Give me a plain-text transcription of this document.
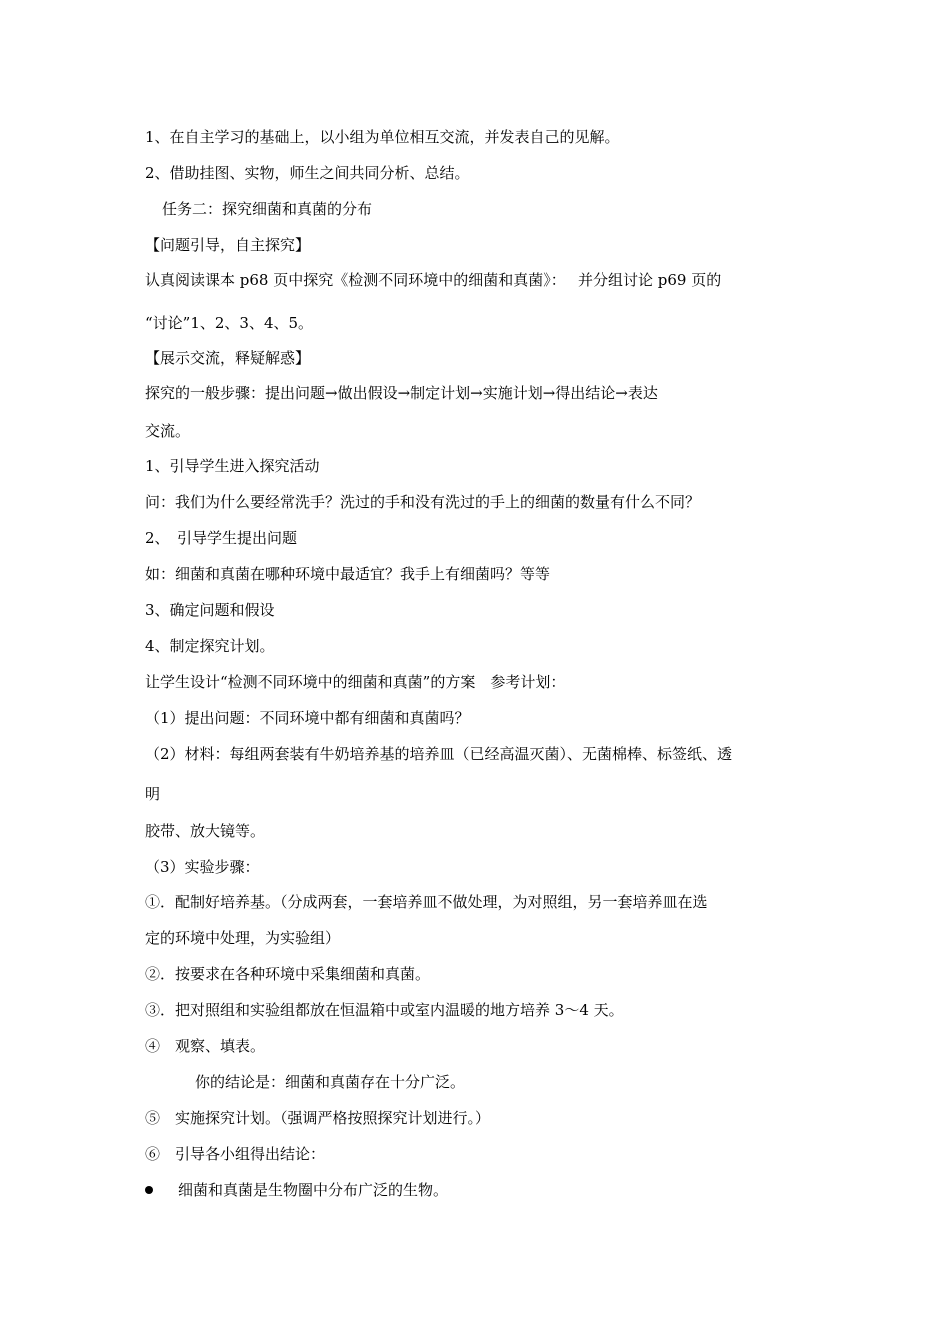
1、在自主学习的基础上，以小组为单位相互交流，并发表自己的见解。
2、借助挂图、实物，师生之间共同分析、总结。
任务二：探究细菌和真菌的分布
【问题引导，自主探究】
认真阅读课本 p68 页中探究《检测不同环境中的细菌和真菌》：　 并分组讨论 p69 页的
“讨论”1、2、3、4、5。
【展示交流，释疑解惑】
探究的一般步骤：提出问题→做出假设→制定计划→实施计划→得出结论→表达
交流。
1、引导学生进入探究活动
问：我们为什么要经常洗手？洗过的手和没有洗过的手上的细菌的数量有什么不同？
2、　引导学生提出问题
如：细菌和真菌在哪种环境中最适宜？我手上有细菌吗？等等
3、确定问题和假设
4、制定探究计划。
让学生设计“检测不同环境中的细菌和真菌”的方案　参考计划：
（1）提出问题：不同环境中都有细菌和真菌吗？
（2）材料：每组两套装有牛奶培养基的培养皿（已经高温灭菌）、无菌棉棒、标签纸、透
明
胶带、放大镜等。
（3）实验步骤：
①．配制好培养基。（分成两套，一套培养皿不做处理，为对照组，另一套培养皿在选
定的环境中处理，为实验组）
②．按要求在各种环境中采集细菌和真菌。
③．把对照组和实验组都放在恒温箱中或室内温暖的地方培养 3～4 天。
④　观察、填表。
你的结论是：细菌和真菌存在十分广泛。
⑤　实施探究计划。（强调严格按照探究计划进行。）
⑥　引导各小组得出结论：
细菌和真菌是生物圈中分布广泛的生物。
